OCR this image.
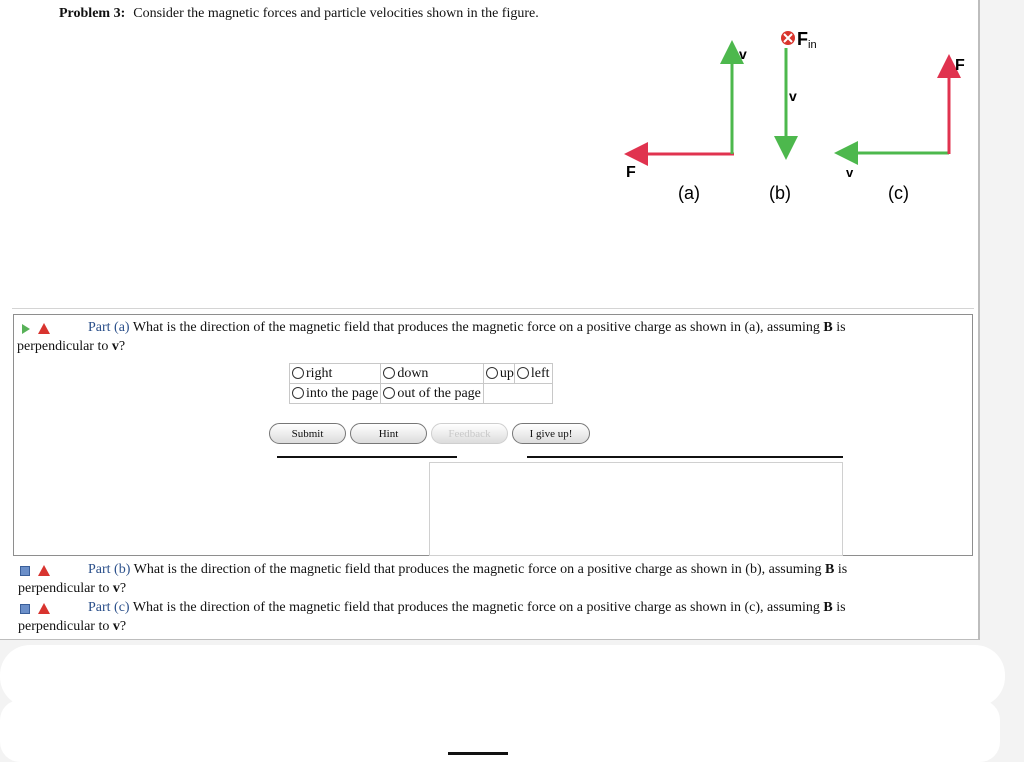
Problem 3: Consider the magnetic forces and particle velocities shown in the figure.
F
v
(a)
F in
v
(b)
v
F
(c)
Part (a) What is the direction of the magnetic field that produces the magnetic force on a positive charge as shown in (a), assuming B is
perpendicular to v?
right	down	up	left
into the page	out of the page		
Submit	Hint	Feedback	I give up!
Part (b) What is the direction of the magnetic field that produces the magnetic force on a positive charge as shown in (b), assuming B is
perpendicular to v?
Part (c) What is the direction of the magnetic field that produces the magnetic force on a positive charge as shown in (c), assuming B is
perpendicular to v?
